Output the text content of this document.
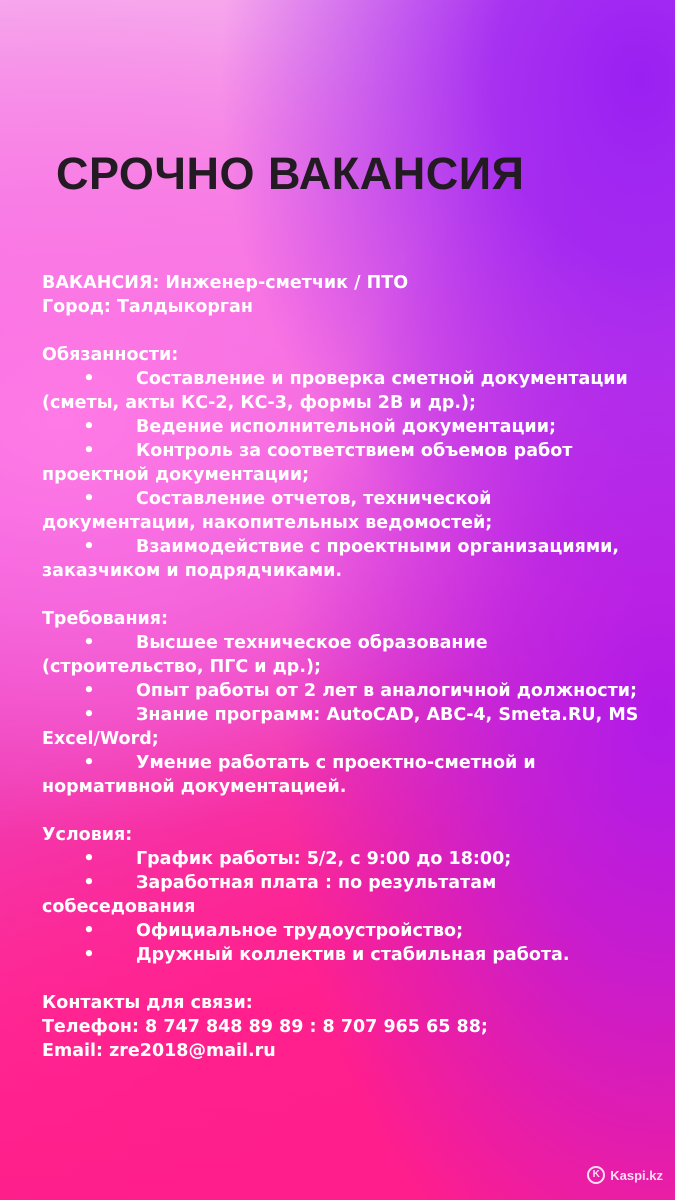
СРОЧНО ВАКАНСИЯ
ВАКАНСИЯ: Инженер-сметчик / ПТО
Город: Талдыкорган
Обязанности:
• Составление и проверка сметной документации
(сметы, акты КС-2, КС-3, формы 2В и др.);
• Ведение исполнительной документации;
• Контроль за соответствием объемов работ
проектной документации;
• Составление отчетов, технической
документации, накопительных ведомостей;
• Взаимодействие с проектными организациями,
заказчиком и подрядчиками.
Требования:
• Высшее техническое образование
(строительство, ПГС и др.);
• Опыт работы от 2 лет в аналогичной должности;
• Знание программ: AutoCAD, АВС-4, Smeta.RU, MS
Excel/Word;
• Умение работать с проектно-сметной и
нормативной документацией.
Условия:
• График работы: 5/2, с 9:00 до 18:00;
• Заработная плата : по результатам
собеседования
• Официальное трудоустройство;
• Дружный коллектив и стабильная работа.
Контакты для связи:
Телефон: 8 747 848 89 89 : 8 707 965 65 88;
Email: zre2018@mail.ru
K Kaspi.kz
